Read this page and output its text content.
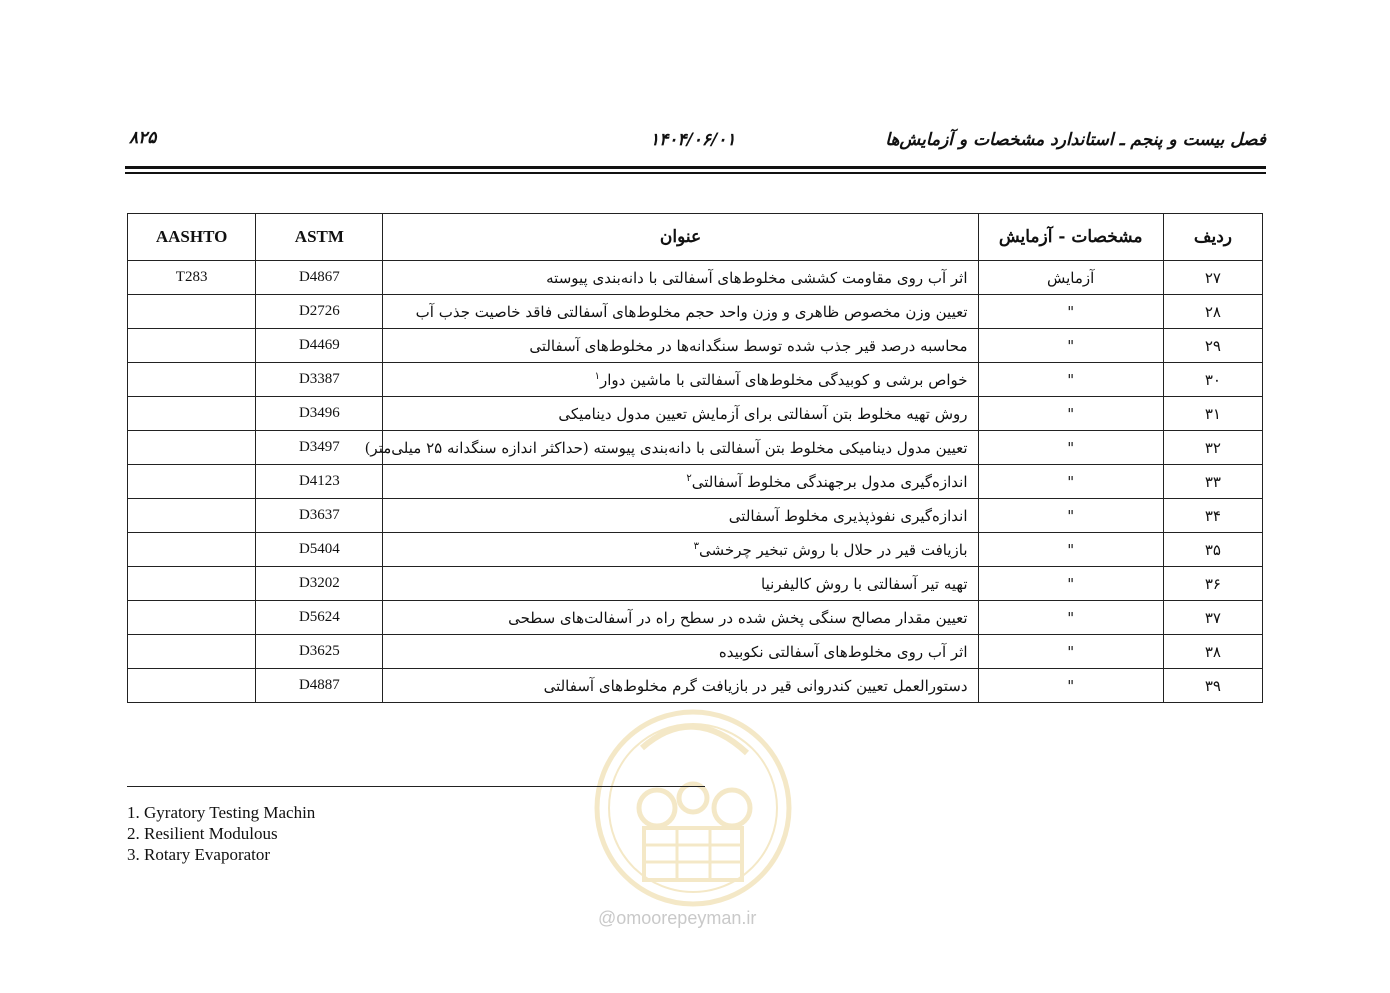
فصل بیست و پنجم ـ استاندارد مشخصات و آزمایش‌ها
۱۴۰۴/۰۶/۰۱
۸۲۵
ردیف	مشخصات - آزمایش	عنوان	ASTM	AASHTO
۲۷	آزمایش	اثر آب روی مقاومت کششی مخلوط‌های آسفالتی با دانه‌بندی پیوسته	D4867	T283
۲۸	"	تعیین وزن مخصوص ظاهری و وزن واحد حجم مخلوط‌های آسفالتی فاقد خاصیت جذب آب	D2726	
۲۹	"	محاسبه درصد قیر جذب شده توسط سنگدانه‌ها در مخلوط‌های آسفالتی	D4469	
۳۰	"	خواص برشی و کوبیدگی مخلوط‌های آسفالتی با ماشین دوار$^۱$	D3387	
۳۱	"	روش تهیه مخلوط بتن آسفالتی برای آزمایش تعیین مدول دینامیکی	D3496	
۳۲	"	تعیین مدول دینامیکی مخلوط بتن آسفالتی با دانه‌بندی پیوسته (حداکثر اندازه سنگدانه ۲۵ میلی‌متر)	D3497	
۳۳	"	اندازه‌گیری مدول برجهندگی مخلوط آسفالتی$^۲$	D4123	
۳۴	"	اندازه‌گیری نفوذپذیری مخلوط آسفالتی	D3637	
۳۵	"	بازیافت قیر در حلال با روش تبخیر چرخشی$^۳$	D5404	
۳۶	"	تهیه تیر آسفالتی با روش کالیفرنیا	D3202	
۳۷	"	تعیین مقدار مصالح سنگی پخش شده در سطح راه در آسفالت‌های سطحی	D5624	
۳۸	"	اثر آب روی مخلوط‌های آسفالتی نکوبیده	D3625	
۳۹	"	دستورالعمل تعیین کندروانی قیر در بازیافت گرم مخلوط‌های آسفالتی	D4887	
@omoorepeyman.ir
1. Gyratory Testing Machin
2. Resilient Modulous
3. Rotary Evaporator
